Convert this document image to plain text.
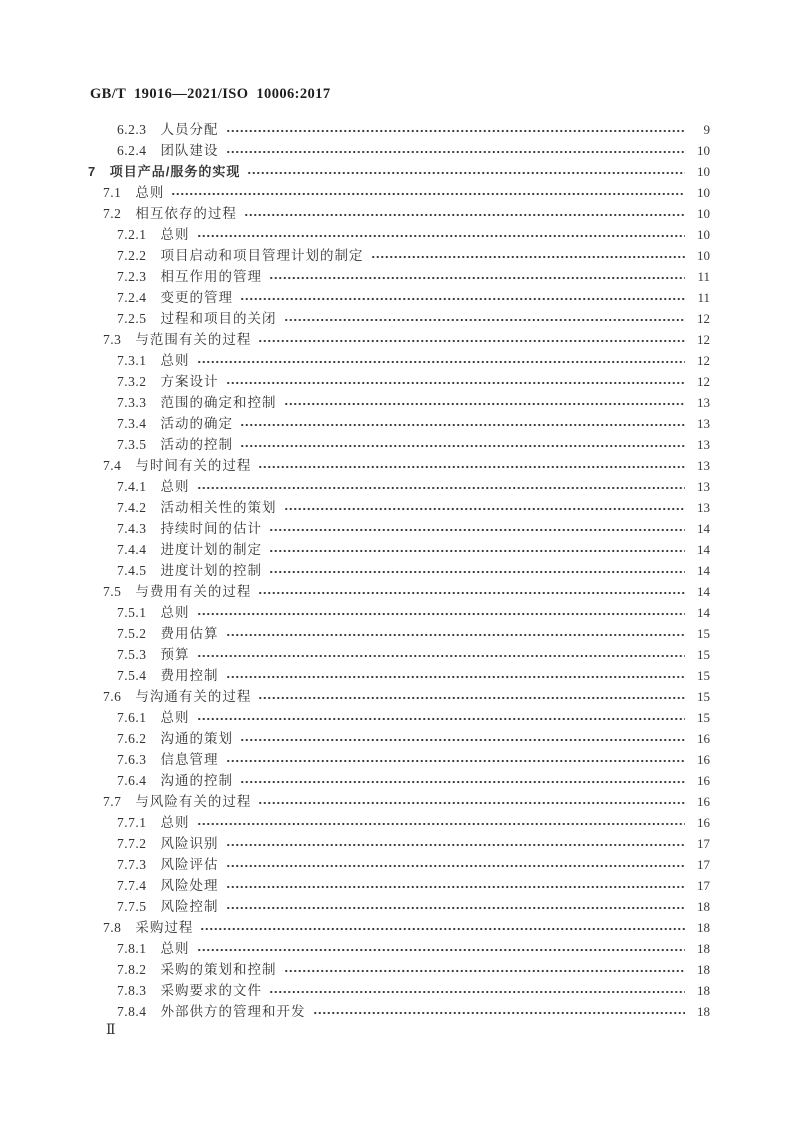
GB/T 19016—2021/ISO 10006:2017
6.2.3 人员分配	9
6.2.4 团队建设	10
7 项目产品/服务的实现	10
7.1 总则	10
7.2 相互依存的过程	10
7.2.1 总则	10
7.2.2 项目启动和项目管理计划的制定	10
7.2.3 相互作用的管理	11
7.2.4 变更的管理	11
7.2.5 过程和项目的关闭	12
7.3 与范围有关的过程	12
7.3.1 总则	12
7.3.2 方案设计	12
7.3.3 范围的确定和控制	13
7.3.4 活动的确定	13
7.3.5 活动的控制	13
7.4 与时间有关的过程	13
7.4.1 总则	13
7.4.2 活动相关性的策划	13
7.4.3 持续时间的估计	14
7.4.4 进度计划的制定	14
7.4.5 进度计划的控制	14
7.5 与费用有关的过程	14
7.5.1 总则	14
7.5.2 费用估算	15
7.5.3 预算	15
7.5.4 费用控制	15
7.6 与沟通有关的过程	15
7.6.1 总则	15
7.6.2 沟通的策划	16
7.6.3 信息管理	16
7.6.4 沟通的控制	16
7.7 与风险有关的过程	16
7.7.1 总则	16
7.7.2 风险识别	17
7.7.3 风险评估	17
7.7.4 风险处理	17
7.7.5 风险控制	18
7.8 采购过程	18
7.8.1 总则	18
7.8.2 采购的策划和控制	18
7.8.3 采购要求的文件	18
7.8.4 外部供方的管理和开发	18
Ⅱ
